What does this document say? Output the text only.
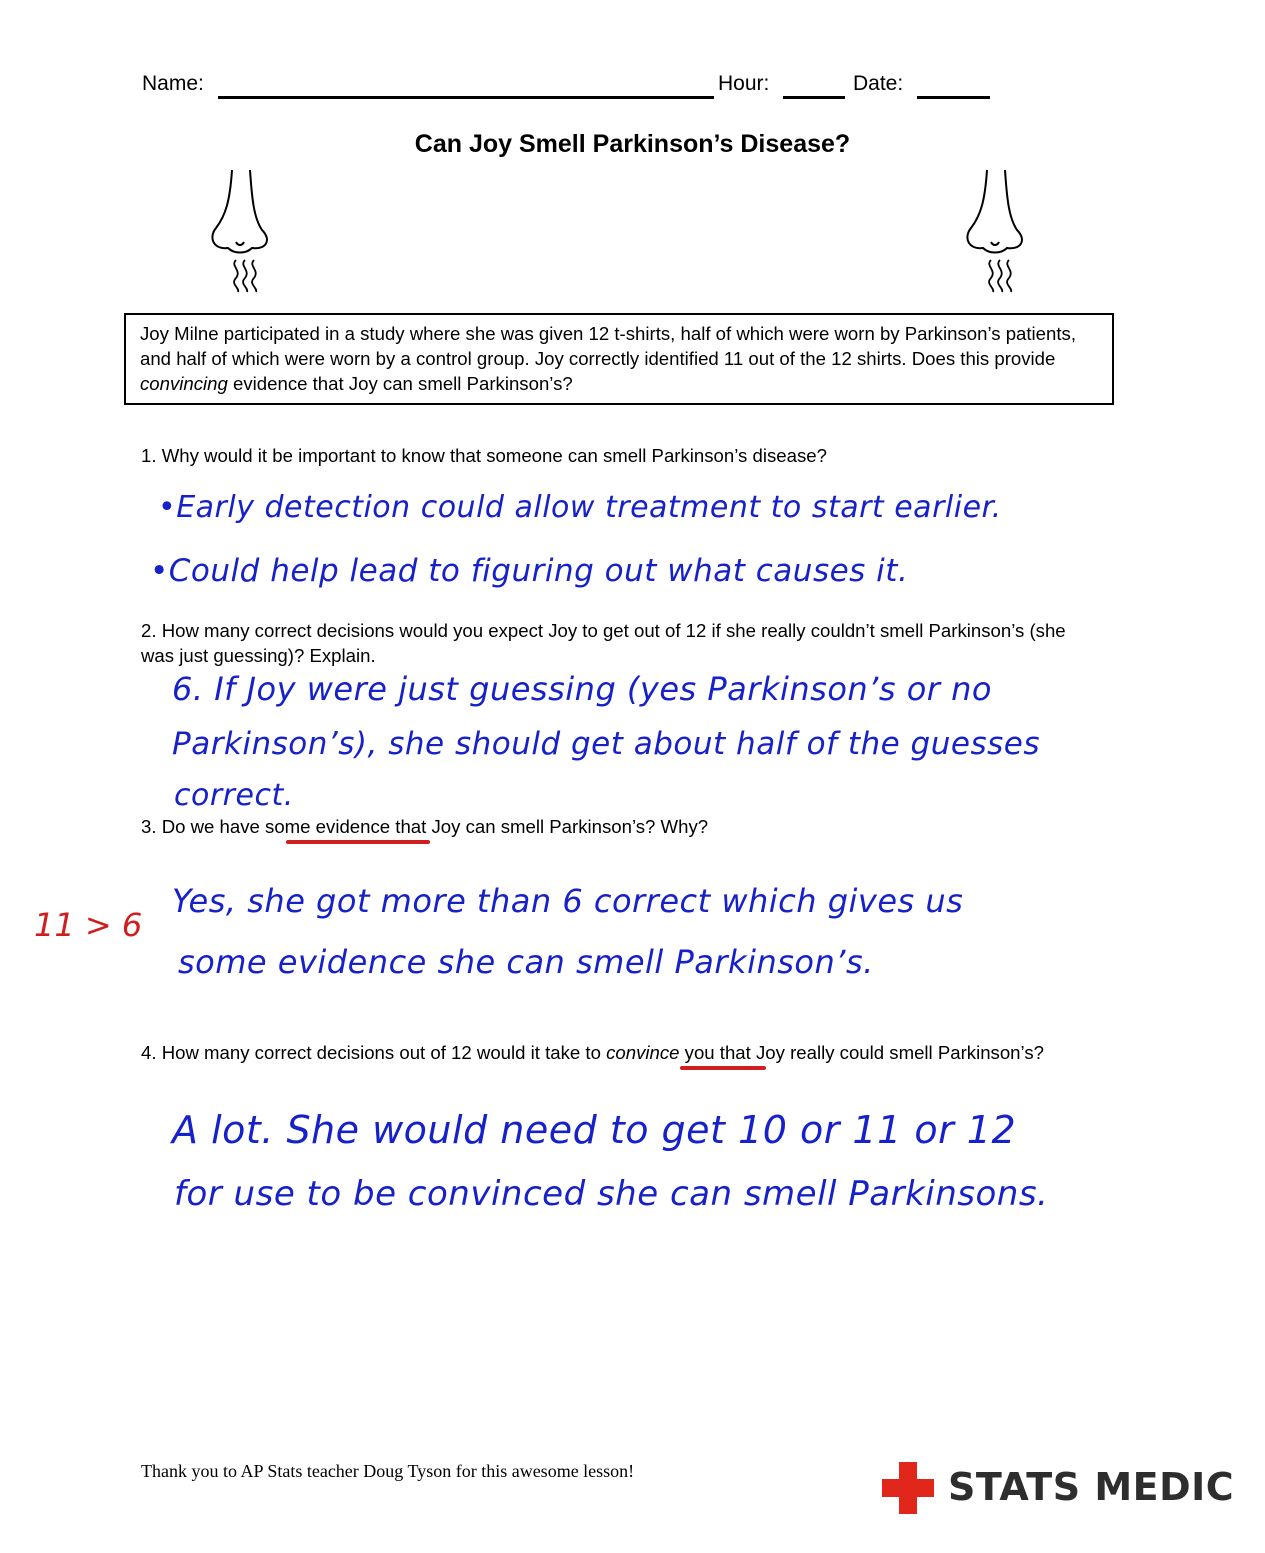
Name:	Hour:	Date:
Can Joy Smell Parkinson’s Disease?
Joy Milne participated in a study where she was given 12 t-shirts, half of which were worn by Parkinson’s patients, and half of which were worn by a control group. Joy correctly identified 11 out of the 12 shirts. Does this provide convincing evidence that Joy can smell Parkinson’s?
1. Why would it be important to know that someone can smell Parkinson’s disease?
•Early detection could allow treatment to start earlier.
•Could help lead to figuring out what causes it.
2. How many correct decisions would you expect Joy to get out of 12 if she really couldn’t smell Parkinson’s (she was just guessing)? Explain.
6. If Joy were just guessing (yes Parkinson’s or no
Parkinson’s), she should get about half of the guesses
correct.
3. Do we have some evidence that Joy can smell Parkinson’s? Why?
11 > 6
Yes, she got more than 6 correct which gives us
some evidence she can smell Parkinson’s.
4. How many correct decisions out of 12 would it take to convince you that Joy really could smell Parkinson’s?
A lot. She would need to get 10 or 11 or 12
for use to be convinced she can smell Parkinsons.
Thank you to AP Stats teacher Doug Tyson for this awesome lesson!	STATS MEDIC
